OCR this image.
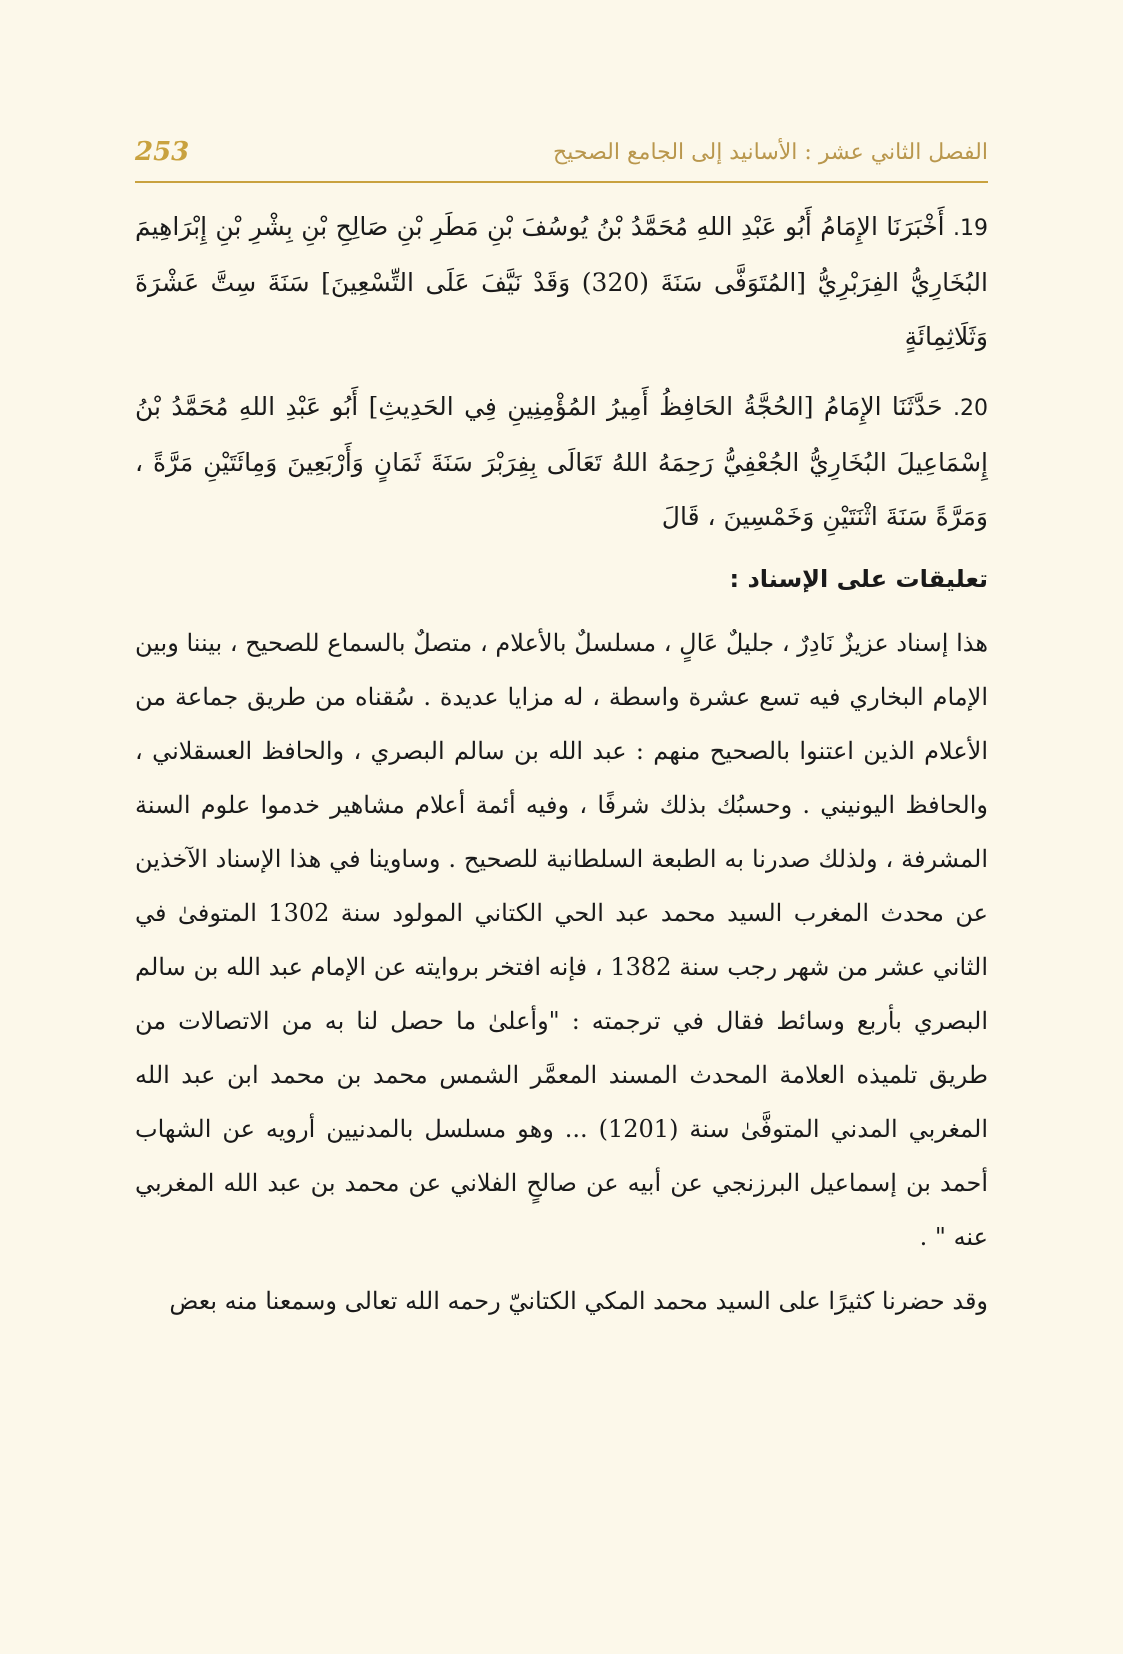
253	الفصل الثاني عشر : الأسانيد إلى الجامع الصحيح

19. أَخْبَرَنَا الإِمَامُ أَبُو عَبْدِ اللهِ مُحَمَّدُ بْنُ يُوسُفَ بْنِ مَطَرِ بْنِ صَالِحِ بْنِ بِشْرِ بْنِ إِبْرَاهِيمَ البُخَارِيُّ الفِرَبْرِيُّ [المُتَوَفَّى سَنَةَ (320) وَقَدْ نَيَّفَ عَلَى التِّسْعِينَ] سَنَةَ سِتَّ عَشْرَةَ وَثَلَاثِمِائَةٍ

20. حَدَّثَنَا الإِمَامُ [الحُجَّةُ الحَافِظُ أَمِيرُ المُؤْمِنِينِ فِي الحَدِيثِ] أَبُو عَبْدِ اللهِ مُحَمَّدُ بْنُ إِسْمَاعِيلَ البُخَارِيُّ الجُعْفِيُّ رَحِمَهُ اللهُ تَعَالَى بِفِرَبْرَ سَنَةَ ثَمَانٍ وَأَرْبَعِينَ وَمِائَتَيْنِ مَرَّةً ، وَمَرَّةً سَنَةَ اثْنَتَيْنِ وَخَمْسِينَ ، قَالَ

تعليقات على الإسناد :

هذا إسناد عزيزٌ نَادِرٌ ، جليلٌ عَالٍ ، مسلسلٌ بالأعلام ، متصلٌ بالسماع للصحيح ، بيننا وبين الإمام البخاري فيه تسع عشرة واسطة ، له مزايا عديدة . سُقناه من طريق جماعة من الأعلام الذين اعتنوا بالصحيح منهم : عبد الله بن سالم البصري ، والحافظ العسقلاني ، والحافظ اليونيني . وحسبُك بذلك شرفًا ، وفيه أئمة أعلام مشاهير خدموا علوم السنة المشرفة ، ولذلك صدرنا به الطبعة السلطانية للصحيح . وساوينا في هذا الإسناد الآخذين عن محدث المغرب السيد محمد عبد الحي الكتاني المولود سنة 1302 المتوفىٰ في الثاني عشر من شهر رجب سنة 1382 ، فإنه افتخر بروايته عن الإمام عبد الله بن سالم البصري بأربع وسائط فقال في ترجمته : "وأعلىٰ ما حصل لنا به من الاتصالات من طريق تلميذه العلامة المحدث المسند المعمَّر الشمس محمد بن محمد ابن عبد الله المغربي المدني المتوفَّىٰ سنة (1201) ... وهو مسلسل بالمدنيين أرويه عن الشهاب أحمد بن إسماعيل البرزنجي عن أبيه عن صالحٍ الفلاني عن محمد بن عبد الله المغربي عنه " .

وقد حضرنا كثيرًا على السيد محمد المكي الكتانيّ رحمه الله تعالى وسمعنا منه بعض
